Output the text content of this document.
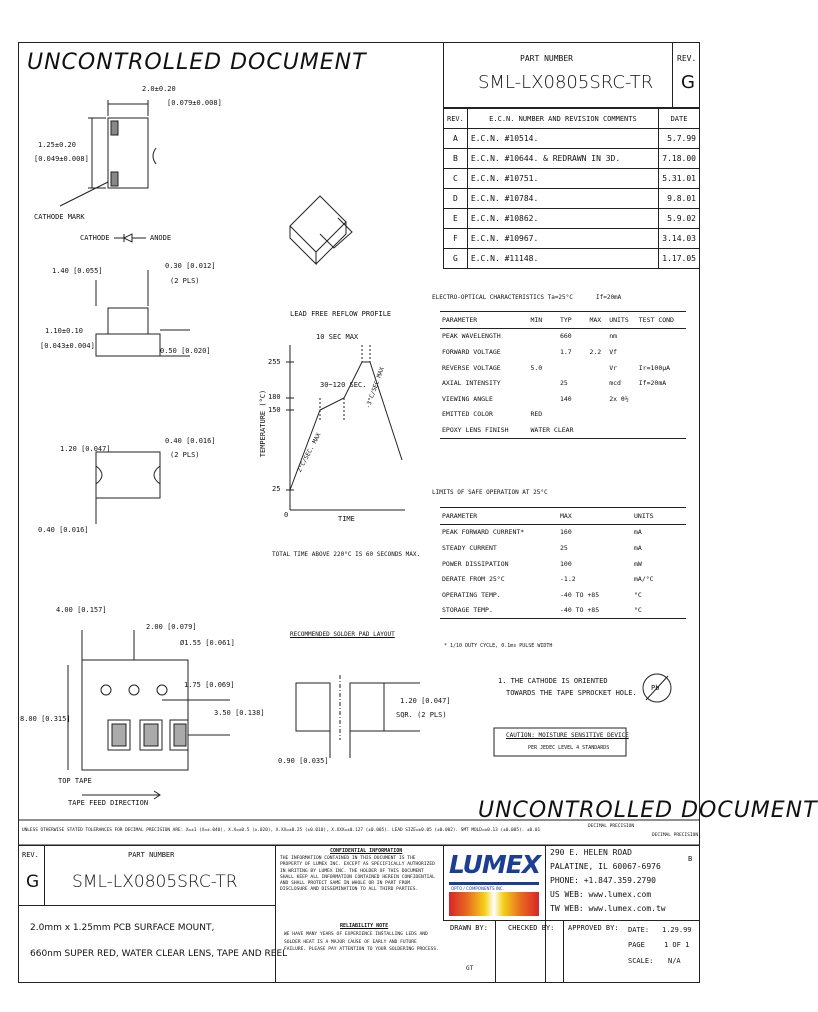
UNCONTROLLED DOCUMENT
UNCONTROLLED DOCUMENT
PART NUMBER
SML-LX0805SRC-TR
REV.
G
REV.	E.C.N. NUMBER AND REVISION COMMENTS	DATE
A	E.C.N. #10514.	5.7.99
B	E.C.N. #10644. & REDRAWN IN 3D.	7.18.00
C	E.C.N. #10751.	5.31.01
D	E.C.N. #10784.	9.8.01
E	E.C.N. #10862.	5.9.02
F	E.C.N. #10967.	3.14.03
G	E.C.N. #11148.	1.17.05
2.0±0.20
[0.079±0.008]
1.25±0.20
[0.049±0.008]
CATHODE MARK
CATHODE	ANODE
1.40 [0.055]
0.30 [0.012]
(2 PLS)
1.10±0.10
[0.043±0.004]
0.50 [0.020]
1.20 [0.047]
0.40 [0.016]
(2 PLS)
0.40 [0.016]
LEAD FREE REFLOW PROFILE
10 SEC MAX
255
180
150
25
0
TEMPERATURE (°C)
TIME
2°C/SEC. MAX
-3°C/SEC MAX
30~120 SEC.
TOTAL TIME ABOVE 220°C IS 60 SECONDS MAX.
ELECTRO-OPTICAL CHARACTERISTICS Ta=25°C	If=20mA
PARAMETER	MIN	TYP	MAX	UNITS	TEST COND
PEAK WAVELENGTH		660		nm	
FORWARD VOLTAGE		1.7	2.2	Vf	
REVERSE VOLTAGE	5.0			Vr	Ir=100μA
AXIAL INTENSITY		25		mcd	If=20mA
VIEWING ANGLE		140		2x θ½	
EMITTED COLOR	RED				
EPOXY LENS FINISH	WATER CLEAR				
LIMITS OF SAFE OPERATION AT 25°C
PARAMETER	MAX	UNITS
PEAK FORWARD CURRENT*	160	mA
STEADY CURRENT	25	mA
POWER DISSIPATION	100	mW
DERATE FROM 25°C	-1.2	mA/°C
OPERATING TEMP.	-40 TO +85	°C
STORAGE TEMP.	-40 TO +85	°C
* 1/10 DUTY CYCLE, 0.1ms PULSE WIDTH
4.00 [0.157]
2.00 [0.079]
Ø1.55 [0.061]
1.75 [0.069]
3.50 [0.138]
8.00 [0.315]
TOP TAPE
TAPE FEED DIRECTION
RECOMMENDED SOLDER PAD LAYOUT
1.20 [0.047]
SQR. (2 PLS)
0.90 [0.035]
1. THE CATHODE IS ORIENTED
TOWARDS THE TAPE SPROCKET HOLE.
CAUTION: MOISTURE SENSITIVE DEVICE
PER JEDEC LEVEL 4 STANDARDS
Pb
UNLESS OTHERWISE STATED TOLERANCES FOR DECIMAL PRECISION ARE: X=±1 (X=±.040), X.X=±0.5 (±.020), X.XX=±0.25 (±0.010), X.XXX=±0.127 (±0.005). LEAD SIZE=±0.05 (±0.002). SMT MOLD=±0.13 (±0.005). ±0.01
DECIMAL PRECISION
DECIMAL PRECISION
REV.
G
PART NUMBER
SML-LX0805SRC-TR
2.0mm x 1.25mm PCB SURFACE MOUNT,
660nm SUPER RED, WATER CLEAR LENS, TAPE AND REEL
CONFIDENTIAL INFORMATION
THE INFORMATION CONTAINED IN THIS DOCUMENT IS THE PROPERTY OF LUMEX INC. EXCEPT AS SPECIFICALLY AUTHORIZED IN WRITING BY LUMEX INC. THE HOLDER OF THIS DOCUMENT SHALL KEEP ALL INFORMATION CONTAINED HEREIN CONFIDENTIAL AND SHALL PROTECT SAME IN WHOLE OR IN PART FROM DISCLOSURE AND DISSEMINATION TO ALL THIRD PARTIES.
RELIABILITY NOTE
WE HAVE MANY YEARS OF EXPERIENCE INSTALLING LEDS AND SOLDER HEAT IS A MAJOR CAUSE OF EARLY AND FUTURE FAILURE. PLEASE PAY ATTENTION TO YOUR SOLDERING PROCESS.
LUMEX
OPTO / COMPONENTS INC.
290 E. HELEN ROAD
PALATINE, IL 60067-6976
PHONE: +1.847.359.2790
US WEB: www.lumex.com
TW WEB: www.lumex.com.tw
B
DRAWN BY:
GT
CHECKED BY: APPROVED BY: DATE: 1.29.99
PAGE	1 OF 1
SCALE: N/A
